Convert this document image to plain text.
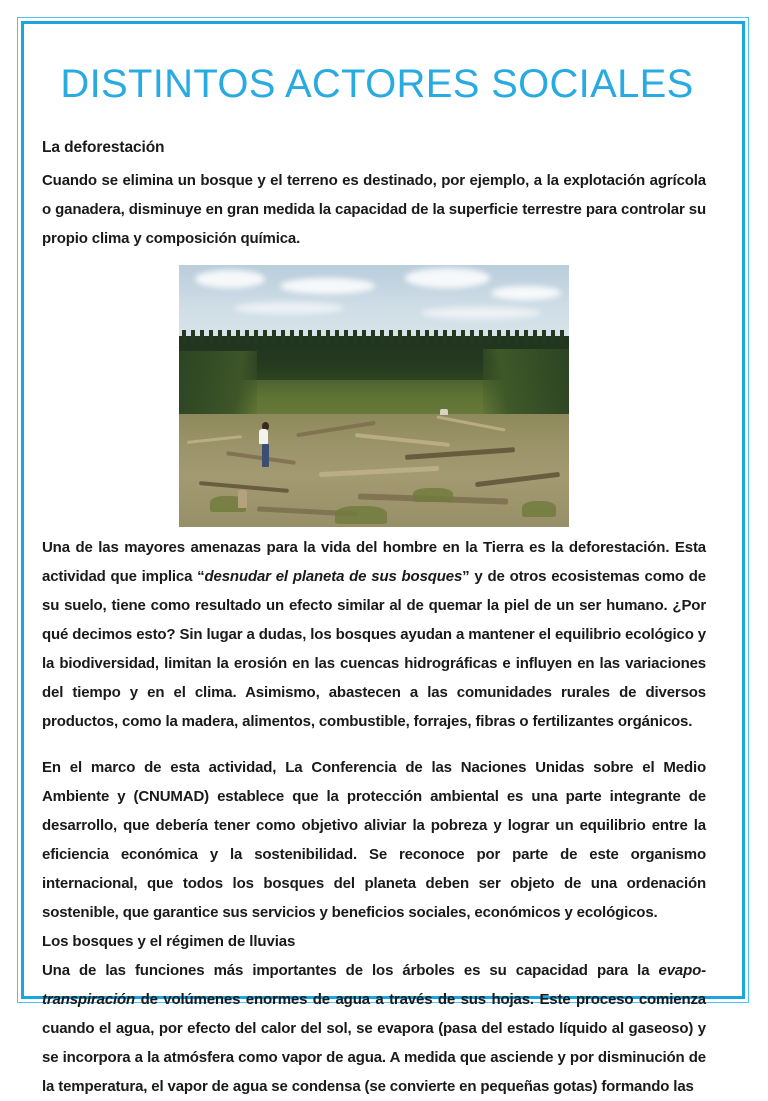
DISTINTOS ACTORES SOCIALES
La deforestación

Cuando se elimina un bosque y el terreno es destinado, por ejemplo, a la explotación agrícola o ganadera, disminuye en gran medida la capacidad de la superficie terrestre para controlar su propio clima y composición química.

Una de las mayores amenazas para la vida del hombre en la Tierra es la deforestación. Esta actividad que implica “desnudar el planeta de sus bosques” y de otros ecosistemas como de su suelo, tiene como resultado un efecto similar al de quemar la piel de un ser humano. ¿Por qué decimos esto? Sin lugar a dudas, los bosques ayudan a mantener el equilibrio ecológico y la biodiversidad, limitan la erosión en las cuencas hidrográficas e influyen en las variaciones del tiempo y en el clima. Asimismo, abastecen a las comunidades rurales de diversos productos, como la madera, alimentos, combustible, forrajes, fibras o fertilizantes orgánicos.

En el marco de esta actividad, La Conferencia de las Naciones Unidas sobre el Medio Ambiente y (CNUMAD) establece que la protección ambiental es una parte integrante de desarrollo, que debería tener como objetivo aliviar la pobreza y lograr un equilibrio entre la eficiencia económica y la sostenibilidad. Se reconoce por parte de este organismo internacional, que todos los bosques del planeta deben ser objeto de una ordenación sostenible, que garantice sus servicios y beneficios sociales, económicos y ecológicos.

Los bosques y el régimen de lluvias

Una de las funciones más importantes de los árboles es su capacidad para la evapo-transpiración de volúmenes enormes de agua a través de sus hojas. Este proceso comienza cuando el agua, por efecto del calor del sol, se evapora (pasa del estado líquido al gaseoso) y se incorpora a la atmósfera como vapor de agua. A medida que asciende y por disminución de la temperatura, el vapor de agua se condensa (se convierte en pequeñas gotas) formando las
